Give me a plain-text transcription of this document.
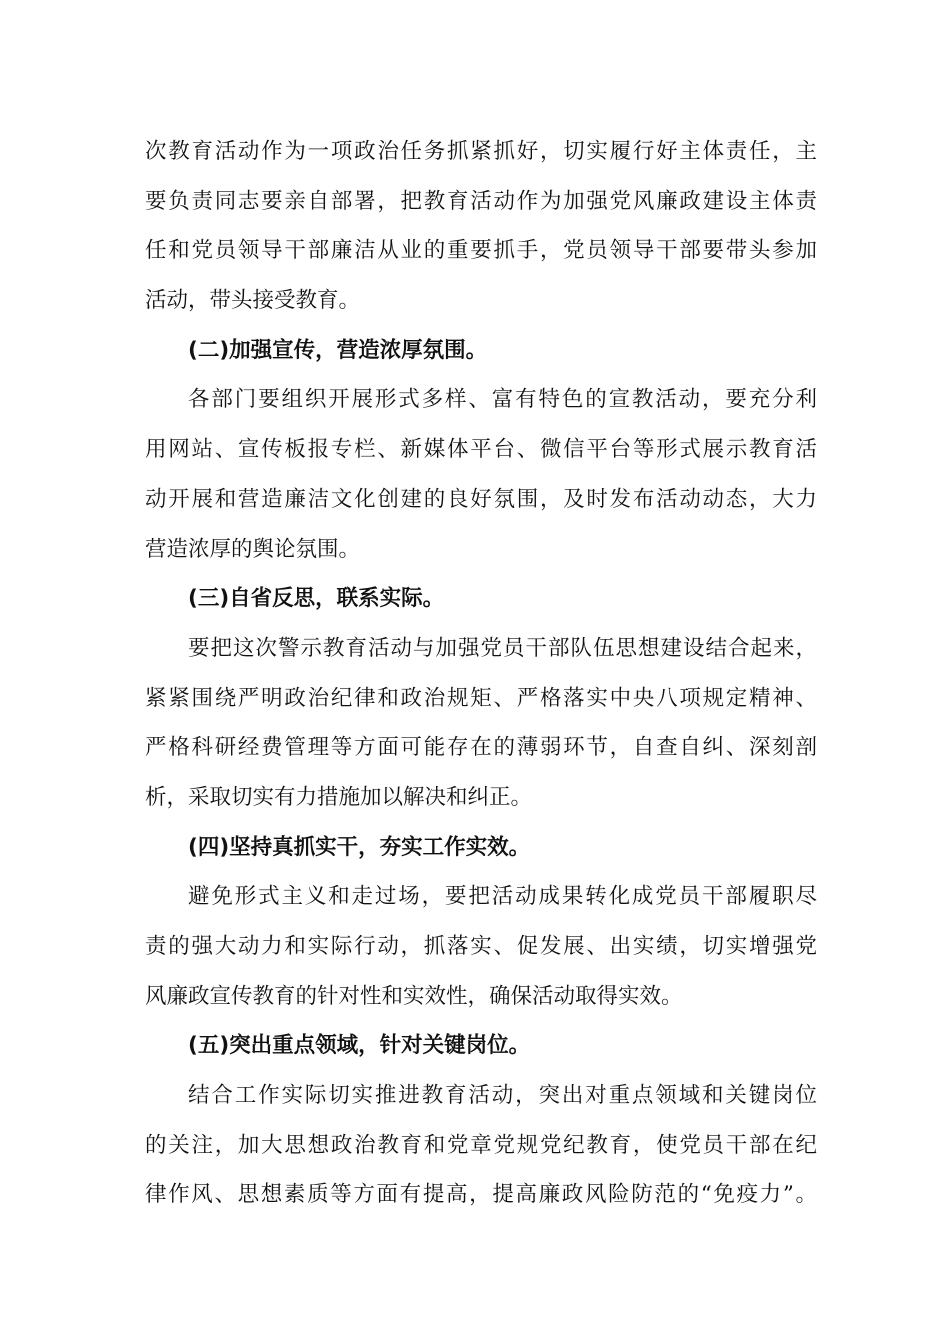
次教育活动作为一项政治任务抓紧抓好，切实履行好主体责任，主
要负责同志要亲自部署，把教育活动作为加强党风廉政建设主体责
任和党员领导干部廉洁从业的重要抓手，党员领导干部要带头参加
活动，带头接受教育。
(二)加强宣传，营造浓厚氛围。
各部门要组织开展形式多样、富有特色的宣教活动，要充分利
用网站、宣传板报专栏、新媒体平台、微信平台等形式展示教育活
动开展和营造廉洁文化创建的良好氛围，及时发布活动动态，大力
营造浓厚的舆论氛围。
(三)自省反思，联系实际。
要把这次警示教育活动与加强党员干部队伍思想建设结合起来，
紧紧围绕严明政治纪律和政治规矩、严格落实中央八项规定精神、
严格科研经费管理等方面可能存在的薄弱环节，自查自纠、深刻剖
析，采取切实有力措施加以解决和纠正。
(四)坚持真抓实干，夯实工作实效。
避免形式主义和走过场，要把活动成果转化成党员干部履职尽
责的强大动力和实际行动，抓落实、促发展、出实绩，切实增强党
风廉政宣传教育的针对性和实效性，确保活动取得实效。
(五)突出重点领域，针对关键岗位。
结合工作实际切实推进教育活动，突出对重点领域和关键岗位
的关注，加大思想政治教育和党章党规党纪教育，使党员干部在纪
律作风、思想素质等方面有提高，提高廉政风险防范的“免疫力”。
